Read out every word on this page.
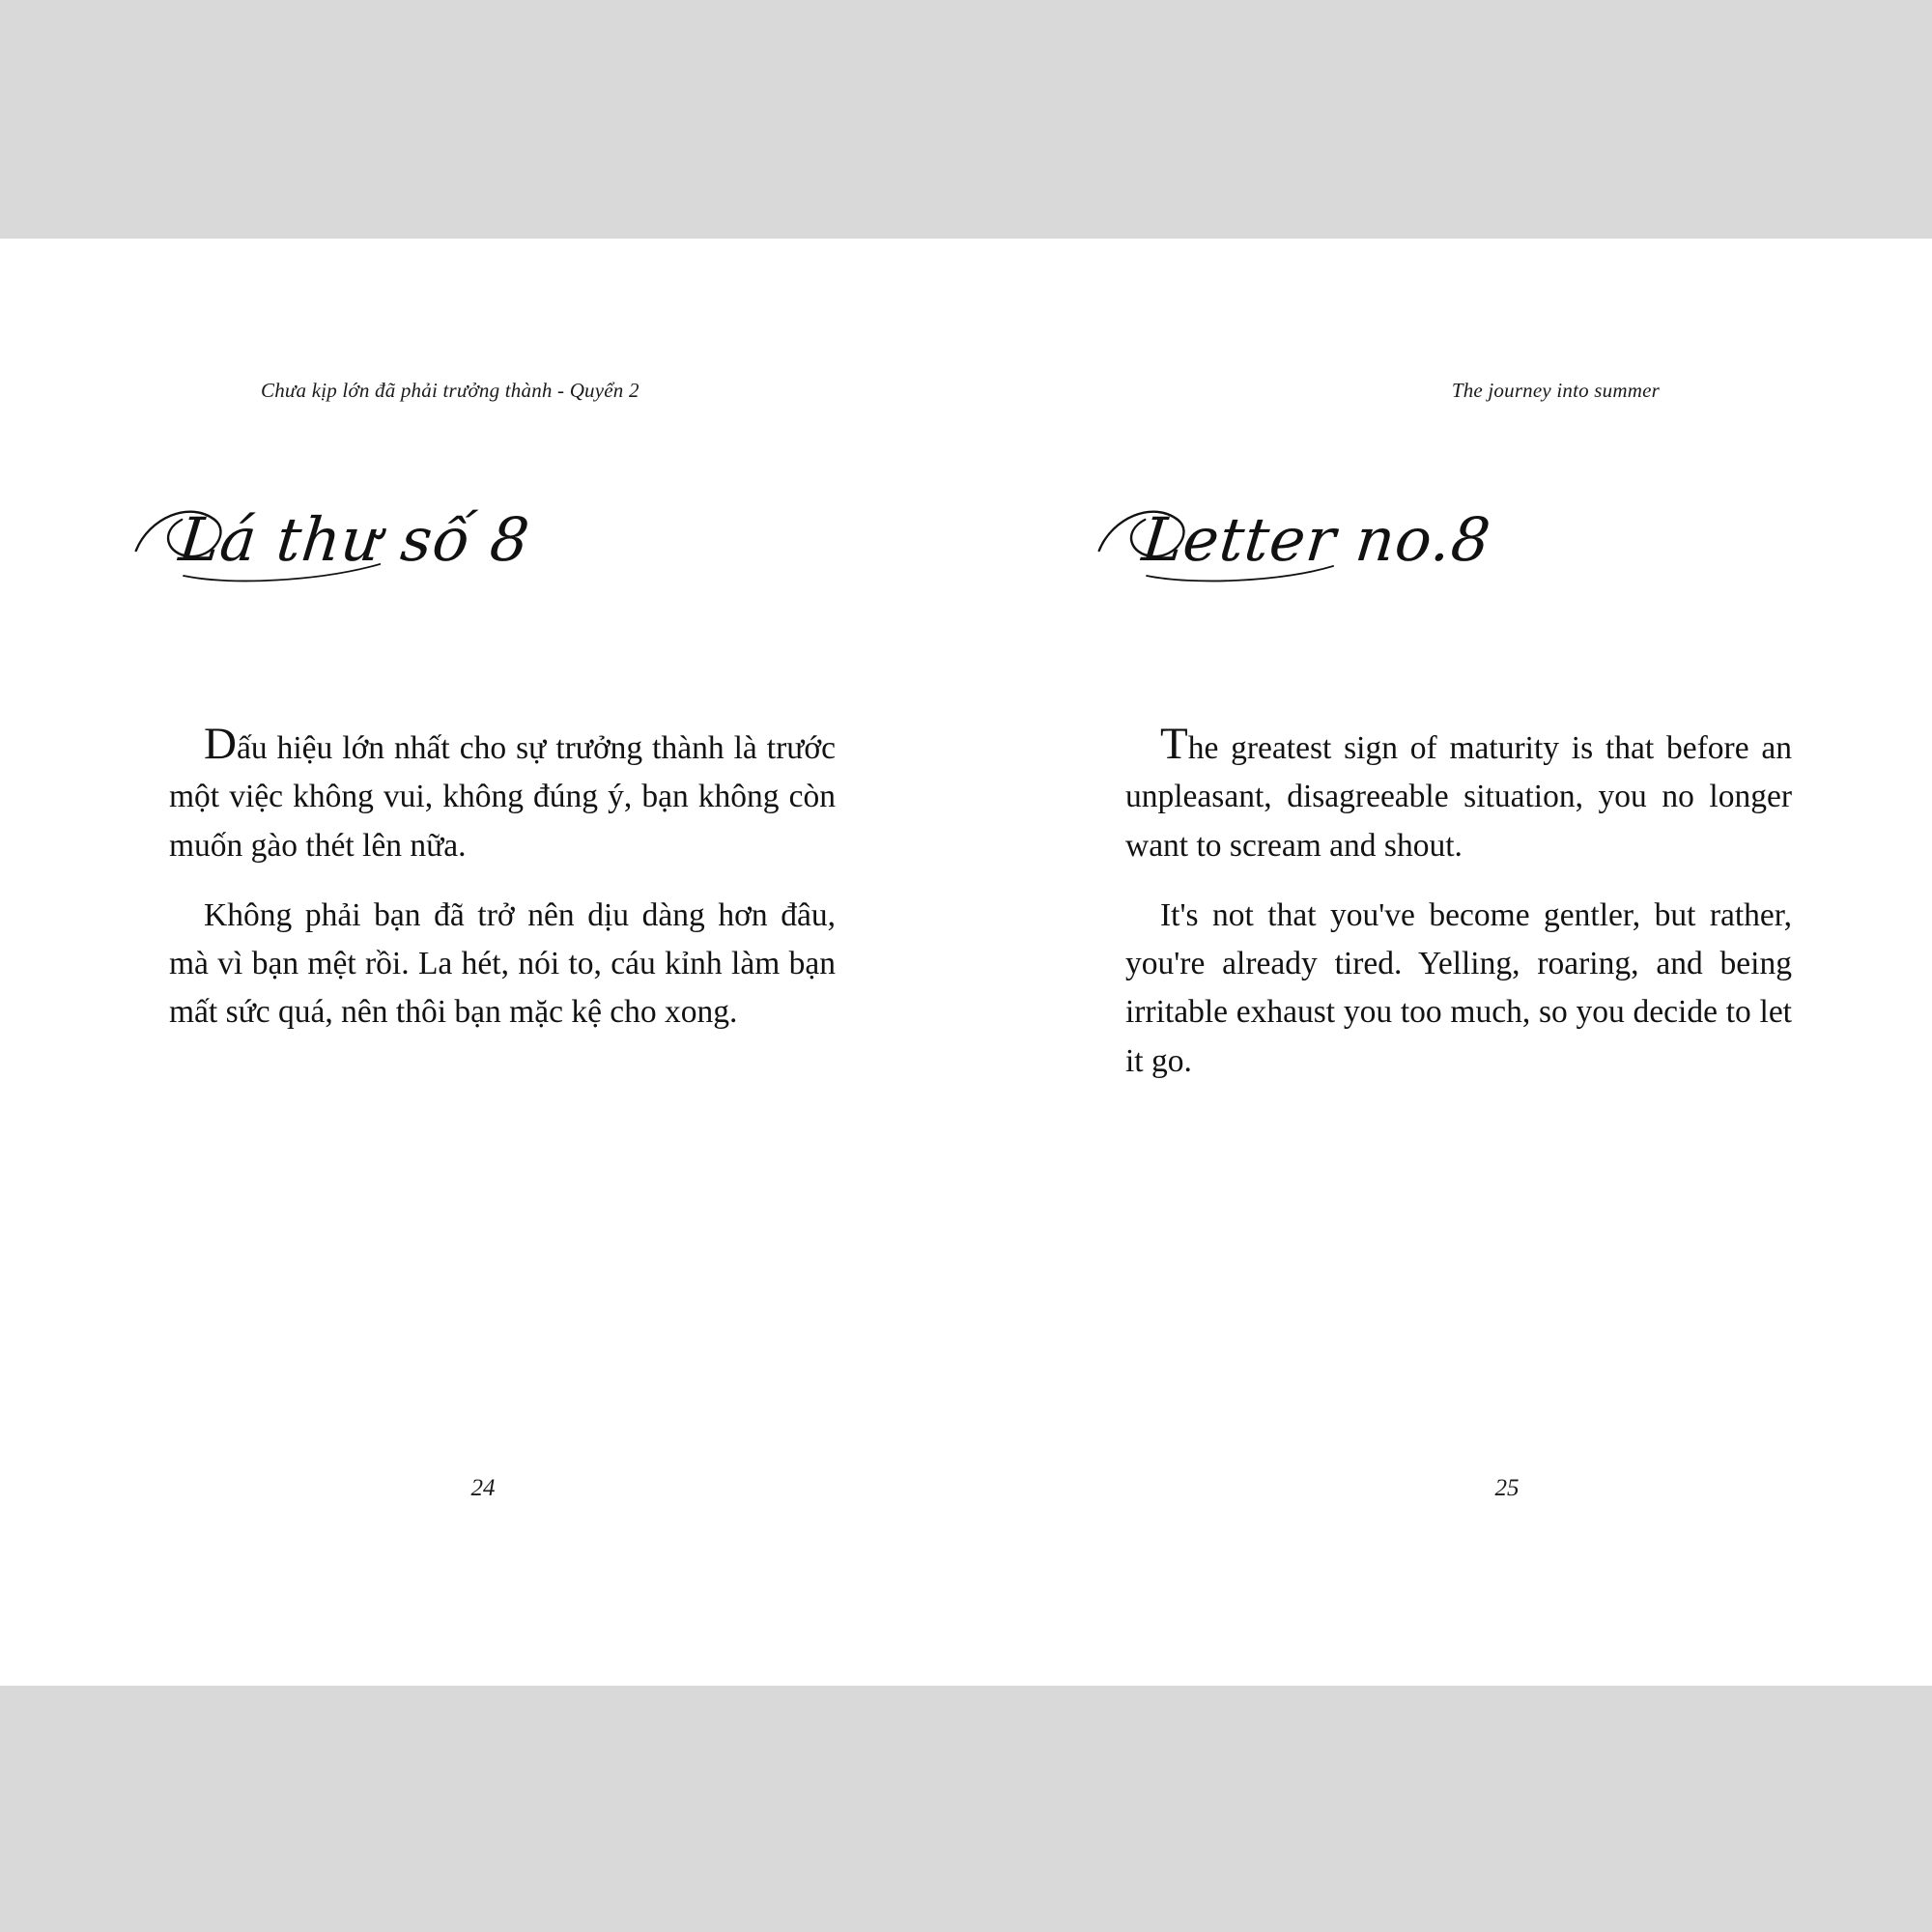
Chưa kịp lớn đã phải trưởng thành - Quyển 2
Lá thư số 8

Dấu hiệu lớn nhất cho sự trưởng thành là trước một việc không vui, không đúng ý, bạn không còn muốn gào thét lên nữa.

Không phải bạn đã trở nên dịu dàng hơn đâu, mà vì bạn mệt rồi. La hét, nói to, cáu kỉnh làm bạn mất sức quá, nên thôi bạn mặc kệ cho xong.

24
The journey into summer
Letter no.8

The greatest sign of maturity is that before an unpleasant, disagreeable situation, you no longer want to scream and shout.

It's not that you've become gentler, but rather, you're already tired. Yelling, roaring, and being irritable exhaust you too much, so you decide to let it go.

25
